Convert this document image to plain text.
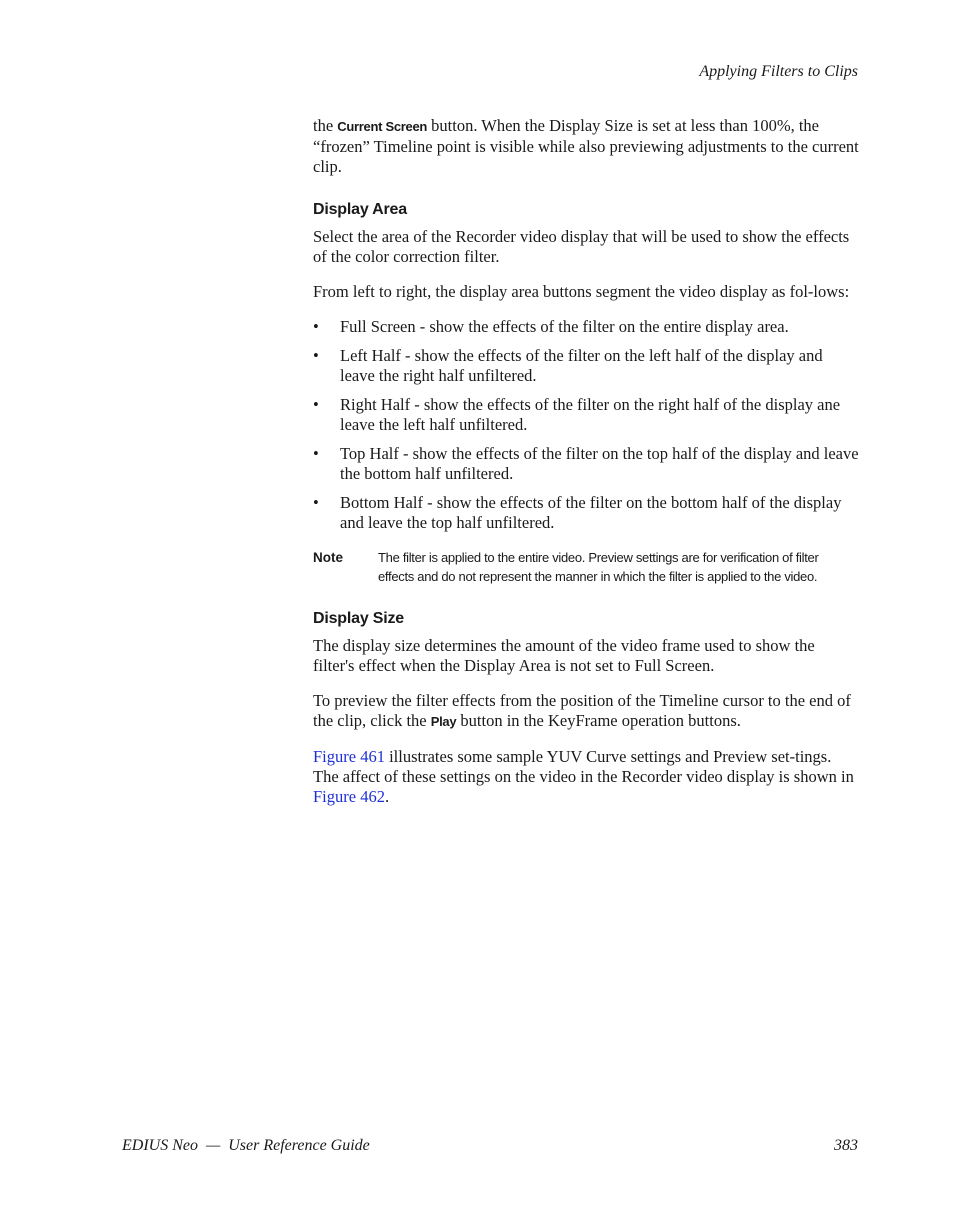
Applying Filters to Clips

the Current Screen button. When the Display Size is set at less than 100%, the “frozen” Timeline point is visible while also previewing adjustments to the current clip.

Display Area

Select the area of the Recorder video display that will be used to show the effects of the color correction filter.

From left to right, the display area buttons segment the video display as fol-lows:

• Full Screen - show the effects of the filter on the entire display area.
• Left Half - show the effects of the filter on the left half of the display and leave the right half unfiltered.
• Right Half - show the effects of the filter on the right half of the display ane leave the left half unfiltered.
• Top Half - show the effects of the filter on the top half of the display and leave the bottom half unfiltered.
• Bottom Half - show the effects of the filter on the bottom half of the display and leave the top half unfiltered.
Note	The filter is applied to the entire video. Preview settings are for verification of filter effects and do not represent the manner in which the filter is applied to the video.
Display Size

The display size determines the amount of the video frame used to show the filter's effect when the Display Area is not set to Full Screen.

To preview the filter effects from the position of the Timeline cursor to the end of the clip, click the Play button in the KeyFrame operation buttons.

Figure 461 illustrates some sample YUV Curve settings and Preview set-tings. The affect of these settings on the video in the Recorder video display is shown in Figure 462.

EDIUS Neo  —  User Reference Guide	383
